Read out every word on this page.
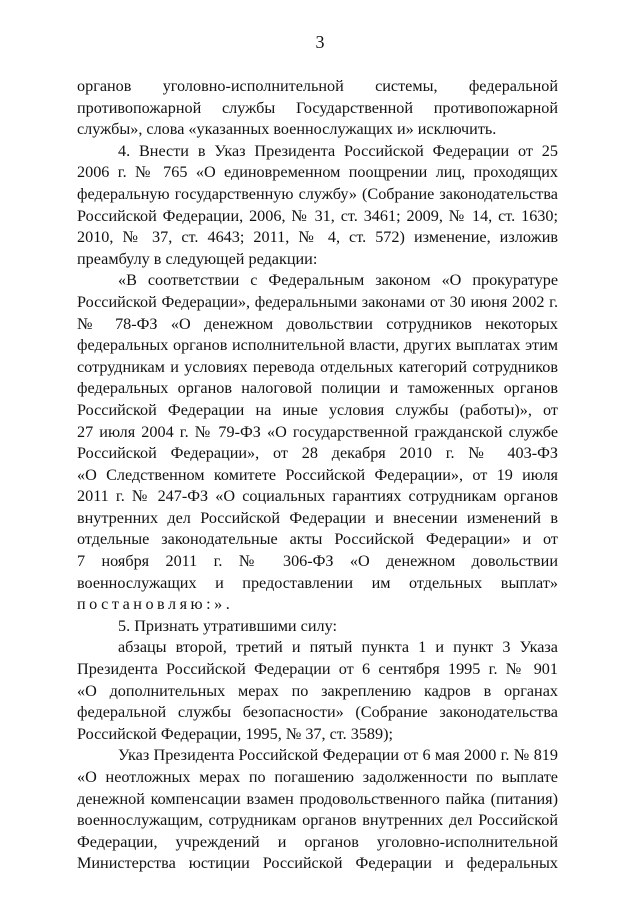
3
органов уголовно-исполнительной системы, федеральной
противопожарной службы Государственной противопожарной
службы», слова «указанных военнослужащих и» исключить.
4. Внести в Указ Президента Российской Федерации от 25
2006 г. № 765 «О единовременном поощрении лиц, проходящих
федеральную государственную службу» (Собрание законодательства
Российской Федерации, 2006, № 31, ст. 3461; 2009, № 14, ст. 1630;
2010, № 37, ст. 4643; 2011, № 4, ст. 572) изменение, изложив
преамбулу в следующей редакции:
«В соответствии с Федеральным законом «О прокуратуре
Российской Федерации», федеральными законами от 30 июня 2002 г.
№ 78-ФЗ «О денежном довольствии сотрудников некоторых
федеральных органов исполнительной власти, других выплатах этим
сотрудникам и условиях перевода отдельных категорий сотрудников
федеральных органов налоговой полиции и таможенных органов
Российской Федерации на иные условия службы (работы)», от
27 июля 2004 г. № 79-ФЗ «О государственной гражданской службе
Российской Федерации», от 28 декабря 2010 г. № 403-ФЗ
«О Следственном комитете Российской Федерации», от 19 июля
2011 г. № 247-ФЗ «О социальных гарантиях сотрудникам органов
внутренних дел Российской Федерации и внесении изменений в
отдельные законодательные акты Российской Федерации» и от
7 ноября 2011 г. № 306-ФЗ «О денежном довольствии
военнослужащих и предоставлении им отдельных выплат»
постановляю:».
5. Признать утратившими силу:
абзацы второй, третий и пятый пункта 1 и пункт 3 Указа
Президента Российской Федерации от 6 сентября 1995 г. № 901
«О дополнительных мерах по закреплению кадров в органах
федеральной службы безопасности» (Собрание законодательства
Российской Федерации, 1995, № 37, ст. 3589);
Указ Президента Российской Федерации от 6 мая 2000 г. № 819
«О неотложных мерах по погашению задолженности по выплате
денежной компенсации взамен продовольственного пайка (питания)
военнослужащим, сотрудникам органов внутренних дел Российской
Федерации, учреждений и органов уголовно-исполнительной
Министерства юстиции Российской Федерации и федеральных
